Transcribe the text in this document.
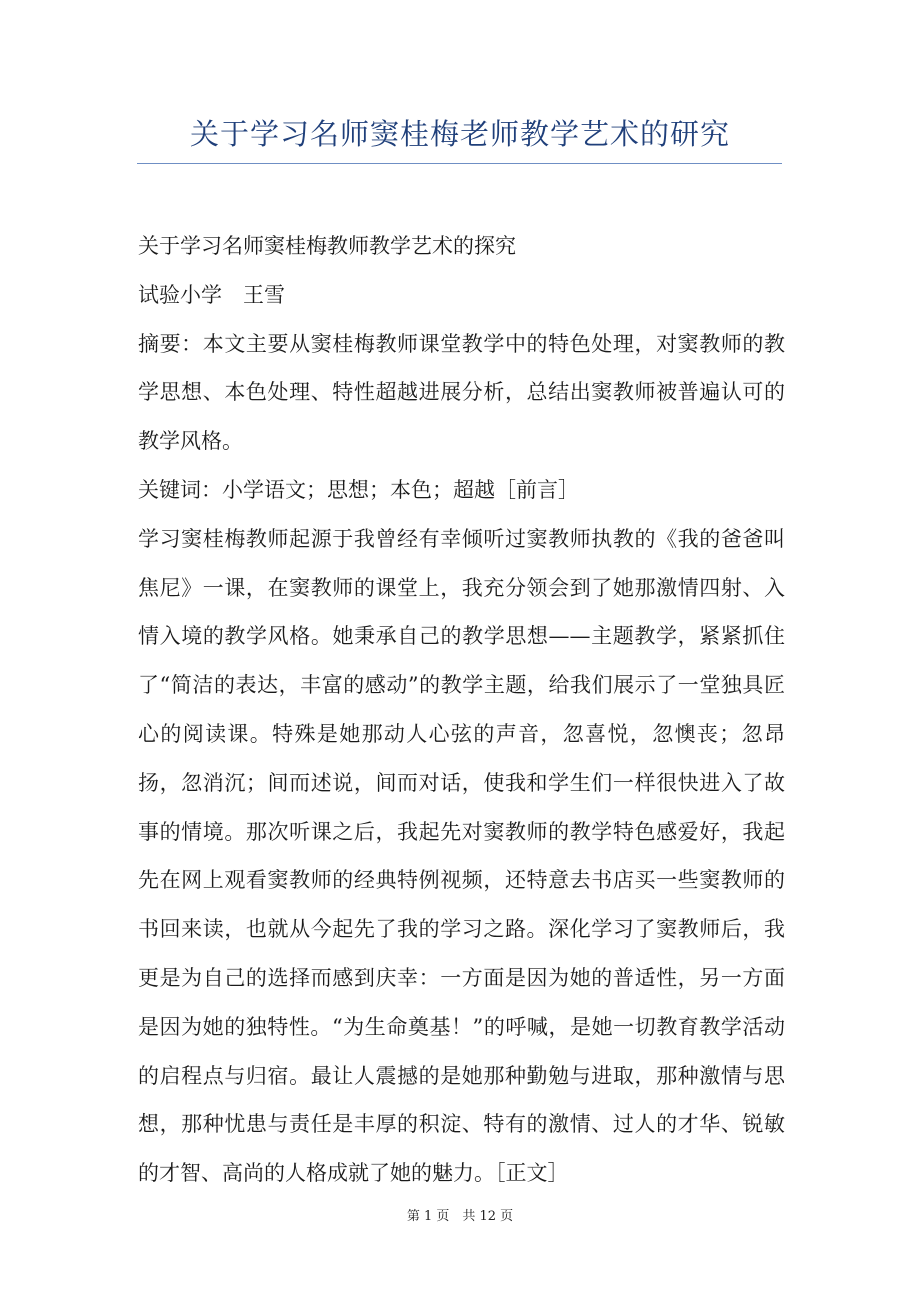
关于学习名师窦桂梅老师教学艺术的研究

关于学习名师窦桂梅教师教学艺术的探究

试验小学　王雪

摘要：本文主要从窦桂梅教师课堂教学中的特色处理，对窦教师的教学思想、本色处理、特性超越进展分析，总结出窦教师被普遍认可的教学风格。

关键词：小学语文；思想；本色；超越［前言］

学习窦桂梅教师起源于我曾经有幸倾听过窦教师执教的《我的爸爸叫焦尼》一课，在窦教师的课堂上，我充分领会到了她那激情四射、入情入境的教学风格。她秉承自己的教学思想——主题教学，紧紧抓住了“简洁的表达，丰富的感动”的教学主题，给我们展示了一堂独具匠心的阅读课。特殊是她那动人心弦的声音，忽喜悦，忽懊丧；忽昂扬，忽消沉；间而述说，间而对话，使我和学生们一样很快进入了故事的情境。那次听课之后，我起先对窦教师的教学特色感爱好，我起先在网上观看窦教师的经典特例视频，还特意去书店买一些窦教师的书回来读，也就从今起先了我的学习之路。深化学习了窦教师后，我更是为自己的选择而感到庆幸：一方面是因为她的普适性，另一方面是因为她的独特性。“为生命奠基！”的呼喊，是她一切教育教学活动的启程点与归宿。最让人震撼的是她那种勤勉与进取，那种激情与思想，那种忧患与责任是丰厚的积淀、特有的激情、过人的才华、锐敏的才智、高尚的人格成就了她的魅力。［正文］

第 1 页　共 12 页
